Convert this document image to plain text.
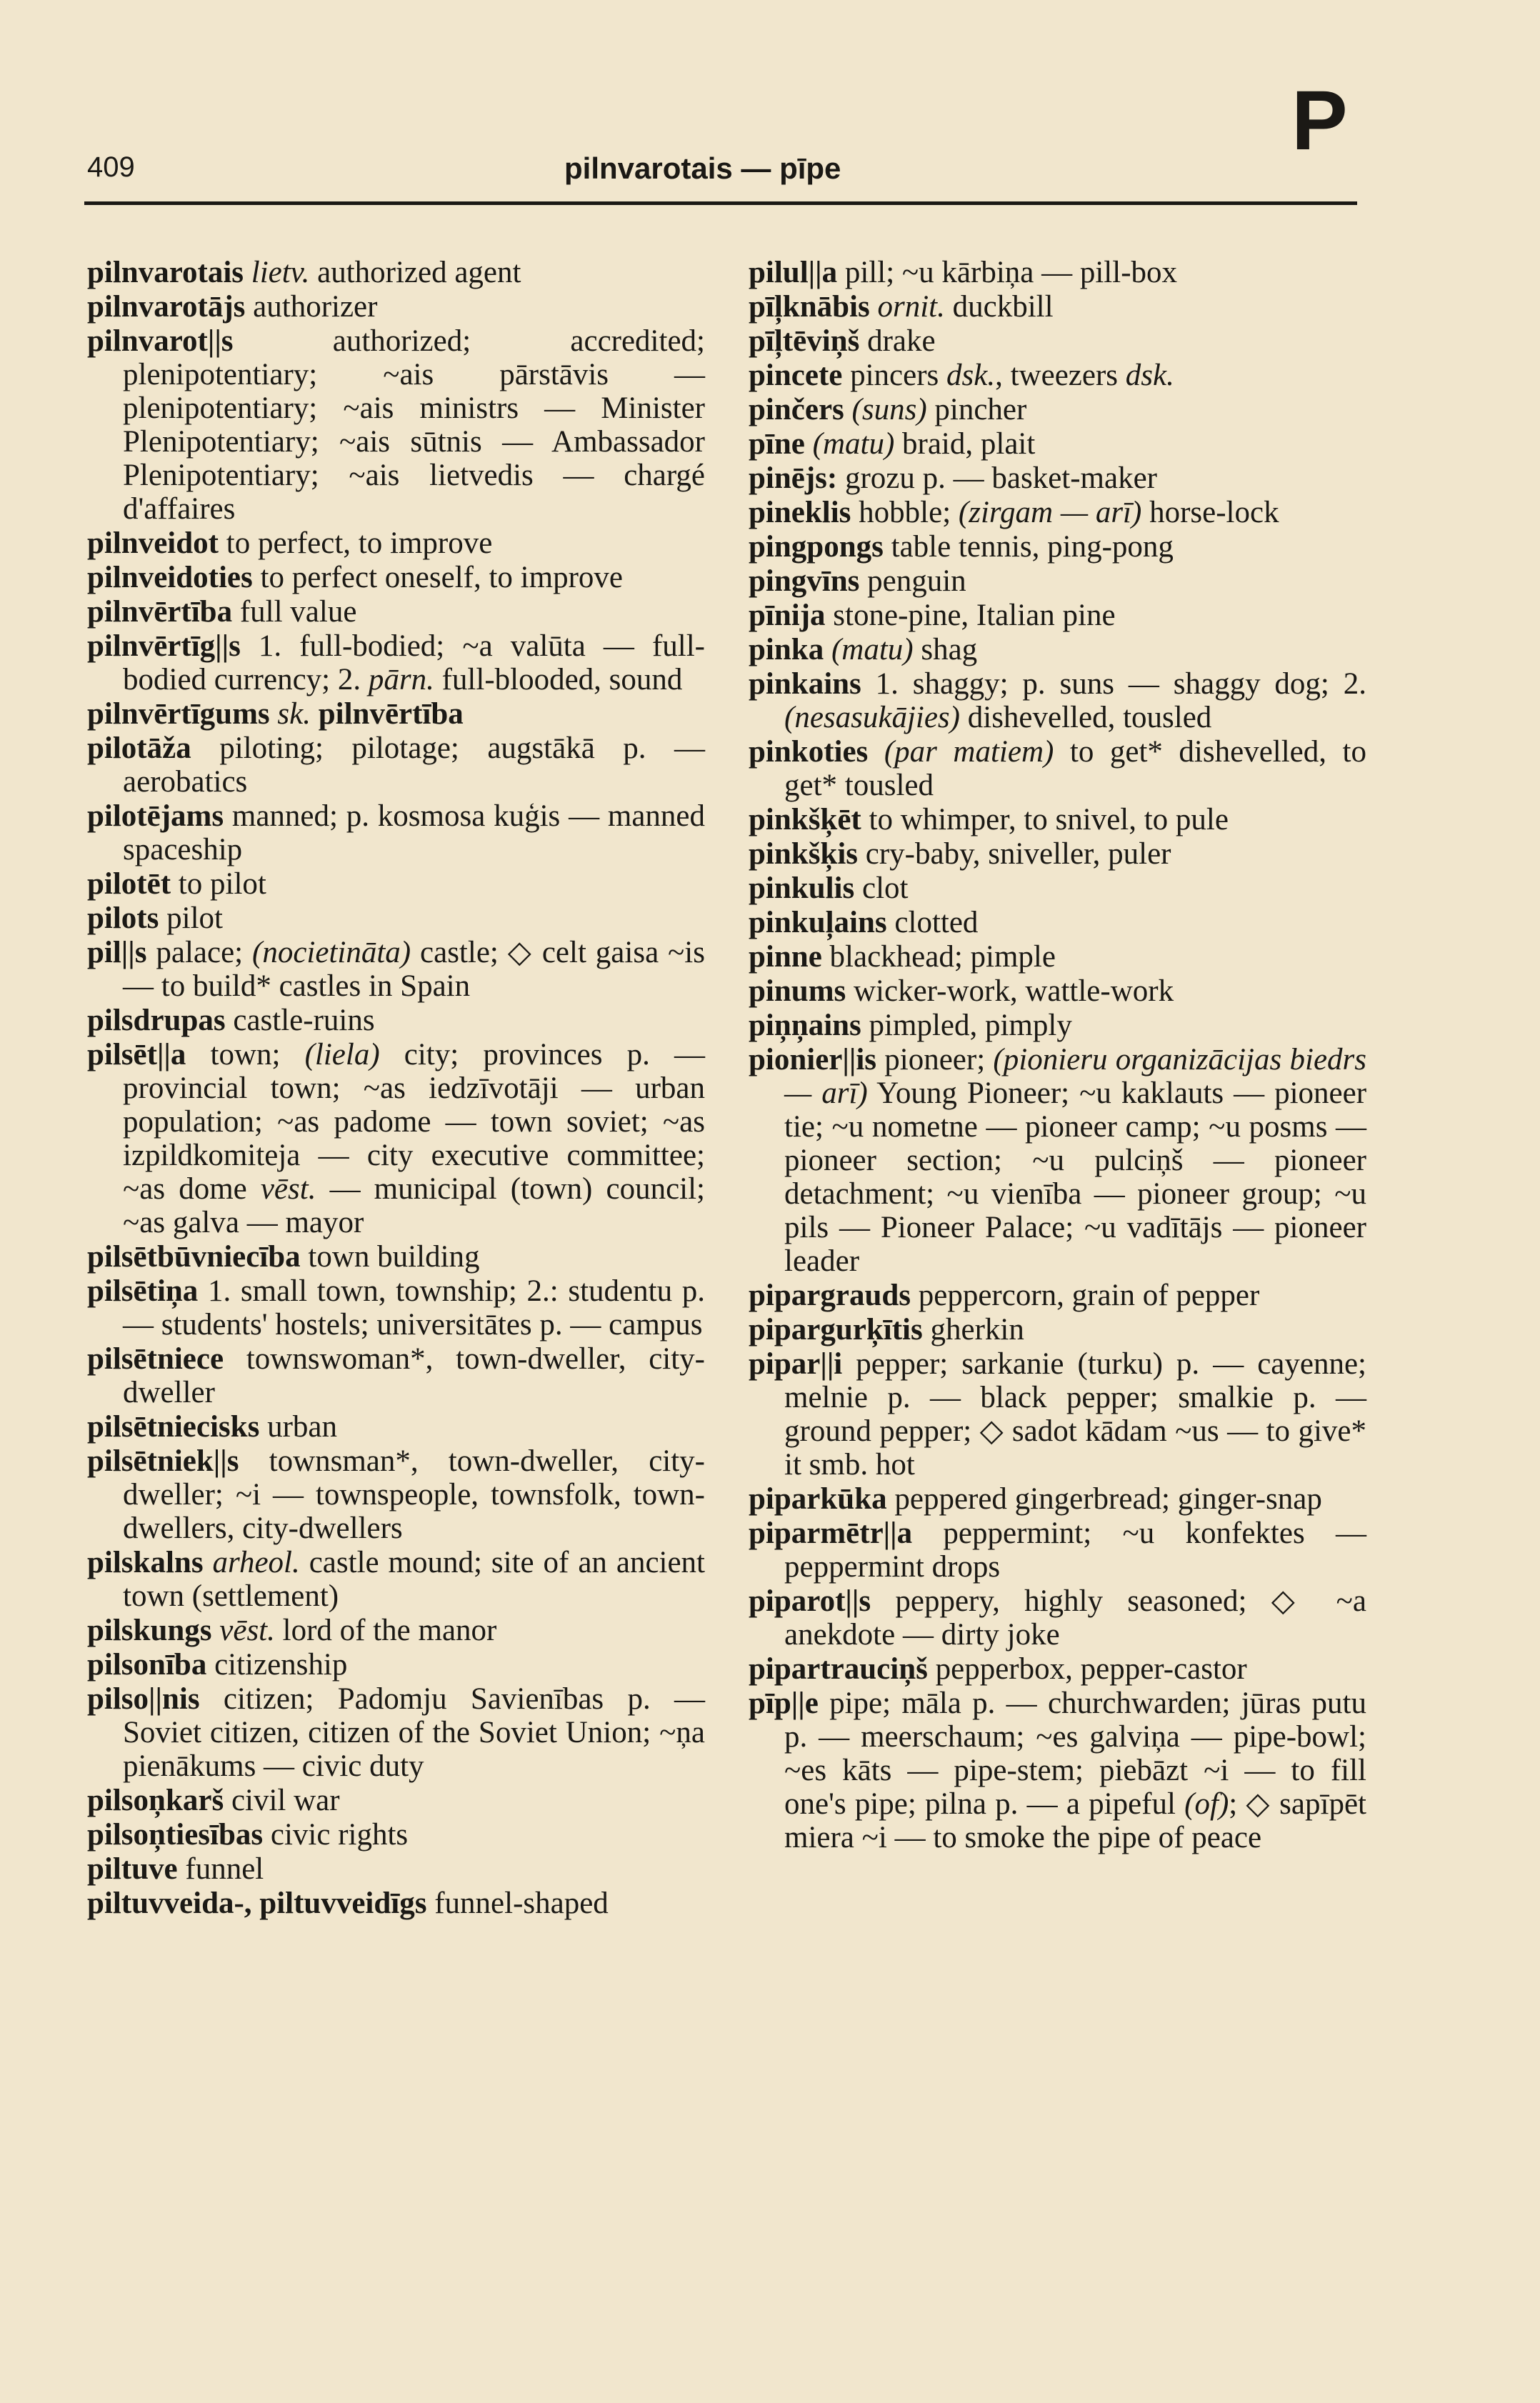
409	pilnvarotais — pīpe
P
pilnvarotais lietv. authorized agent
pilnvarotājs authorizer
pilnvarot||s authorized; accredited; plenipotentiary; ~ais pārstāvis — plenipotentiary; ~ais ministrs — Minister Plenipotentiary; ~ais sūtnis — Ambassador Plenipotentiary; ~ais lietvedis — chargé d'affaires
pilnveidot to perfect, to improve
pilnveidoties to perfect oneself, to improve
pilnvērtība full value
pilnvērtīg||s 1. full-bodied; ~a valūta — full-bodied currency; 2. pārn. full-blooded, sound
pilnvērtīgums sk. pilnvērtība
pilotāža piloting; pilotage; augstākā p. — aerobatics
pilotējams manned; p. kosmosa kuģis — manned spaceship
pilotēt to pilot
pilots pilot
pil||s palace; (nocietināta) castle; ◇ celt gaisa ~is — to build* castles in Spain
pilsdrupas castle-ruins
pilsēt||a town; (liela) city; provinces p. — provincial town; ~as iedzīvotāji — urban population; ~as padome — town soviet; ~as izpildkomiteja — city executive committee; ~as dome vēst. — municipal (town) council; ~as galva — mayor
pilsētbūvniecība town building
pilsētiņa 1. small town, township; 2.: studentu p. — students' hostels; universitātes p. — campus
pilsētniece townswoman*, town-dweller, city-dweller
pilsētniecisks urban
pilsētniek||s townsman*, town-dweller, city-dweller; ~i — townspeople, townsfolk, town-dwellers, city-dwellers
pilskalns arheol. castle mound; site of an ancient town (settlement)
pilskungs vēst. lord of the manor
pilsonība citizenship
pilso||nis citizen; Padomju Savienības p. — Soviet citizen, citizen of the Soviet Union; ~ņa pienākums — civic duty
pilsoņkarš civil war
pilsoņtiesības civic rights
piltuve funnel
piltuvveida-, piltuvveidīgs funnel-shaped
pilul||a pill; ~u kārbiņa — pill-box
pīļknābis ornit. duckbill
pīļtēviņš drake
pincete pincers dsk., tweezers dsk.
pinčers (suns) pincher
pīne (matu) braid, plait
pinējs: grozu p. — basket-maker
pineklis hobble; (zirgam — arī) horse-lock
pingpongs table tennis, ping-pong
pingvīns penguin
pīnija stone-pine, Italian pine
pinka (matu) shag
pinkains 1. shaggy; p. suns — shaggy dog; 2. (nesasukājies) dishevelled, tousled
pinkoties (par matiem) to get* dishevelled, to get* tousled
pinkšķēt to whimper, to snivel, to pule
pinkšķis cry-baby, sniveller, puler
pinkulis clot
pinkuļains clotted
pinne blackhead; pimple
pinums wicker-work, wattle-work
piņņains pimpled, pimply
pionier||is pioneer; (pionieru organizācijas biedrs — arī) Young Pioneer; ~u kaklauts — pioneer tie; ~u nometne — pioneer camp; ~u posms — pioneer section; ~u pulciņš — pioneer detachment; ~u vienība — pioneer group; ~u pils — Pioneer Palace; ~u vadītājs — pioneer leader
pipargrauds peppercorn, grain of pepper
pipargurķītis gherkin
pipar||i pepper; sarkanie (turku) p. — cayenne; melnie p. — black pepper; smalkie p. — ground pepper; ◇ sadot kādam ~us — to give* it smb. hot
piparkūka peppered gingerbread; ginger-snap
piparmētr||a peppermint; ~u konfektes — peppermint drops
piparot||s peppery, highly seasoned; ◇ ~a anekdote — dirty joke
pipartrauciņš pepperbox, pepper-castor
pīp||e pipe; māla p. — churchwarden; jūras putu p. — meerschaum; ~es galviņa — pipe-bowl; ~es kāts — pipe-stem; piebāzt ~i — to fill one's pipe; pilna p. — a pipeful (of); ◇ sapīpēt miera ~i — to smoke the pipe of peace
